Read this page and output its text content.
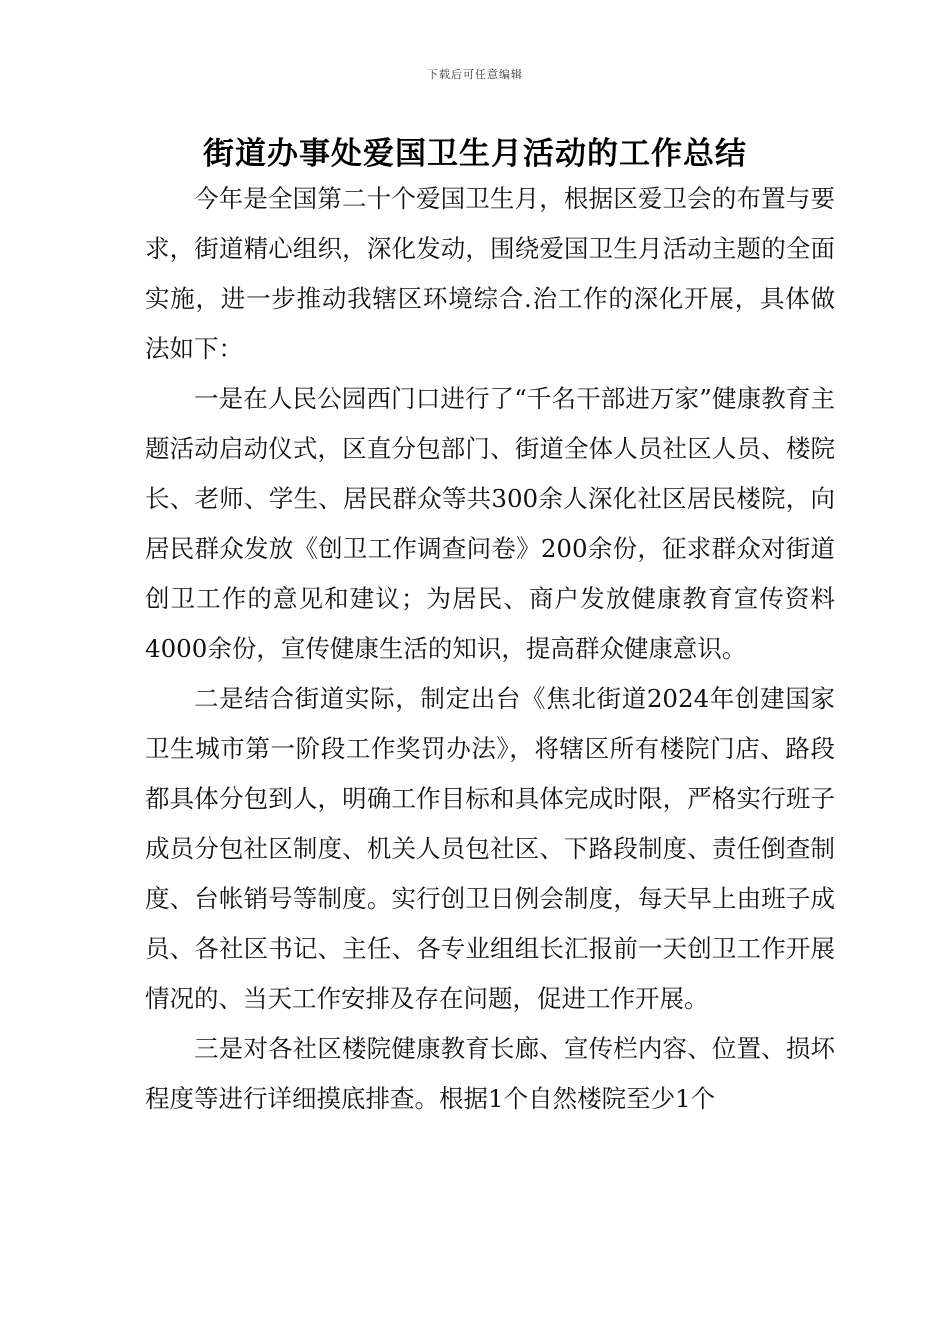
下载后可任意编辑
街道办事处爱国卫生月活动的工作总结

今年是全国第二十个爱国卫生月，根据区爱卫会的布置与要求，街道精心组织，深化发动，围绕爱国卫生月活动主题的全面实施，进一步推动我辖区环境综合.治工作的深化开展，具体做法如下：

一是在人民公园西门口进行了“千名干部进万家”健康教育主题活动启动仪式，区直分包部门、街道全体人员社区人员、楼院长、老师、学生、居民群众等共300余人深化社区居民楼院，向居民群众发放《创卫工作调查问卷》200余份，征求群众对街道创卫工作的意见和建议；为居民、商户发放健康教育宣传资料4000余份，宣传健康生活的知识，提高群众健康意识。

二是结合街道实际，制定出台《焦北街道2024年创建国家卫生城市第一阶段工作奖罚办法》，将辖区所有楼院门店、路段都具体分包到人，明确工作目标和具体完成时限，严格实行班子成员分包社区制度、机关人员包社区、下路段制度、责任倒查制度、台帐销号等制度。实行创卫日例会制度，每天早上由班子成员、各社区书记、主任、各专业组组长汇报前一天创卫工作开展情况的、当天工作安排及存在问题，促进工作开展。

三是对各社区楼院健康教育长廊、宣传栏内容、位置、损坏程度等进行详细摸底排查。根据1个自然楼院至少1个
